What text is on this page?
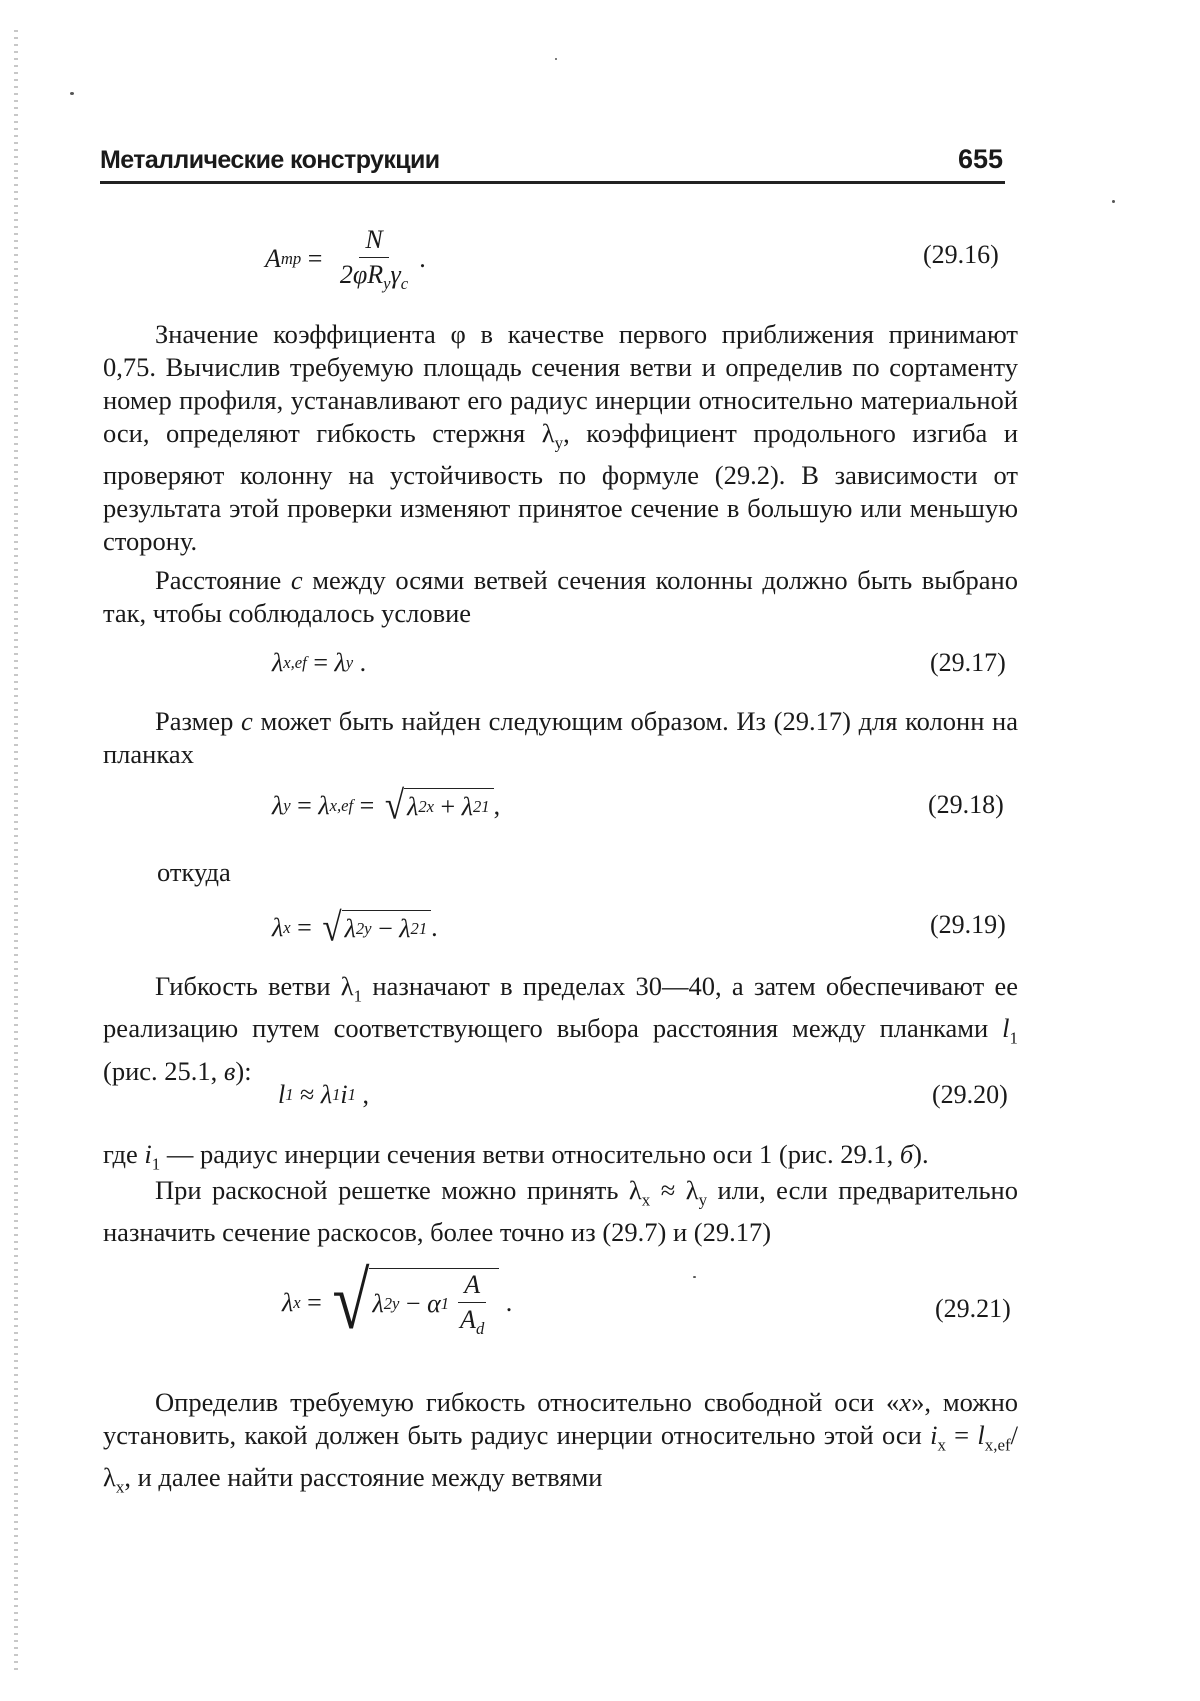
Металлические конструкции	655
A тр = $\frac{N}{2\varphi R_y\gamma_c}$ .	(29.16)

Значение коэффициента φ в качестве первого приближения принимают 0,75. Вычислив требуемую площадь сечения ветви и определив по сортаменту номер профиля, устанавливают его радиус инерции относительно материальной оси, определяют гибкость стержня $\lambda_y$, коэффициент продольного изгиба и проверяют колонну на устойчивость по формуле (29.2). В зависимости от результата этой проверки изменяют принятое сечение в большую или меньшую сторону.

Расстояние c между осями ветвей сечения колонны должно быть выбрано так, чтобы соблюдалось условие

λ x,ef = λ y .	(29.17)

Размер c может быть найден следующим образом. Из (29.17) для колонн на планках

λ y = λ x,ef = √ λ 2 x + λ 2 1 ,	(29.18)
откуда
λ x = √ λ 2 y − λ 2 1 .	(29.19)

Гибкость ветви $\lambda_1$ назначают в пределах 30—40, а затем обеспечивают ее реализацию путем соответствующего выбора расстояния между планками $l_1$ (рис. 25.1, в):

l 1 ≈ λ 1 i 1 ,	(29.20)

где $i_1$ — радиус инерции сечения ветви относительно оси 1 (рис. 29.1, б).

При раскосной решетке можно принять $\lambda_x \approx \lambda_y$ или, если предварительно назначить сечение раскосов, более точно из (29.7) и (29.17)

λ x = √ λ 2 y − α $1 \frac{A}{A_d}$ .	(29.21)

Определив требуемую гибкость относительно свободной оси «x», можно установить, какой должен быть радиус инерции относительно этой оси $i_x = l_{x,ef}/\lambda_x$, и далее найти расстояние между ветвями
